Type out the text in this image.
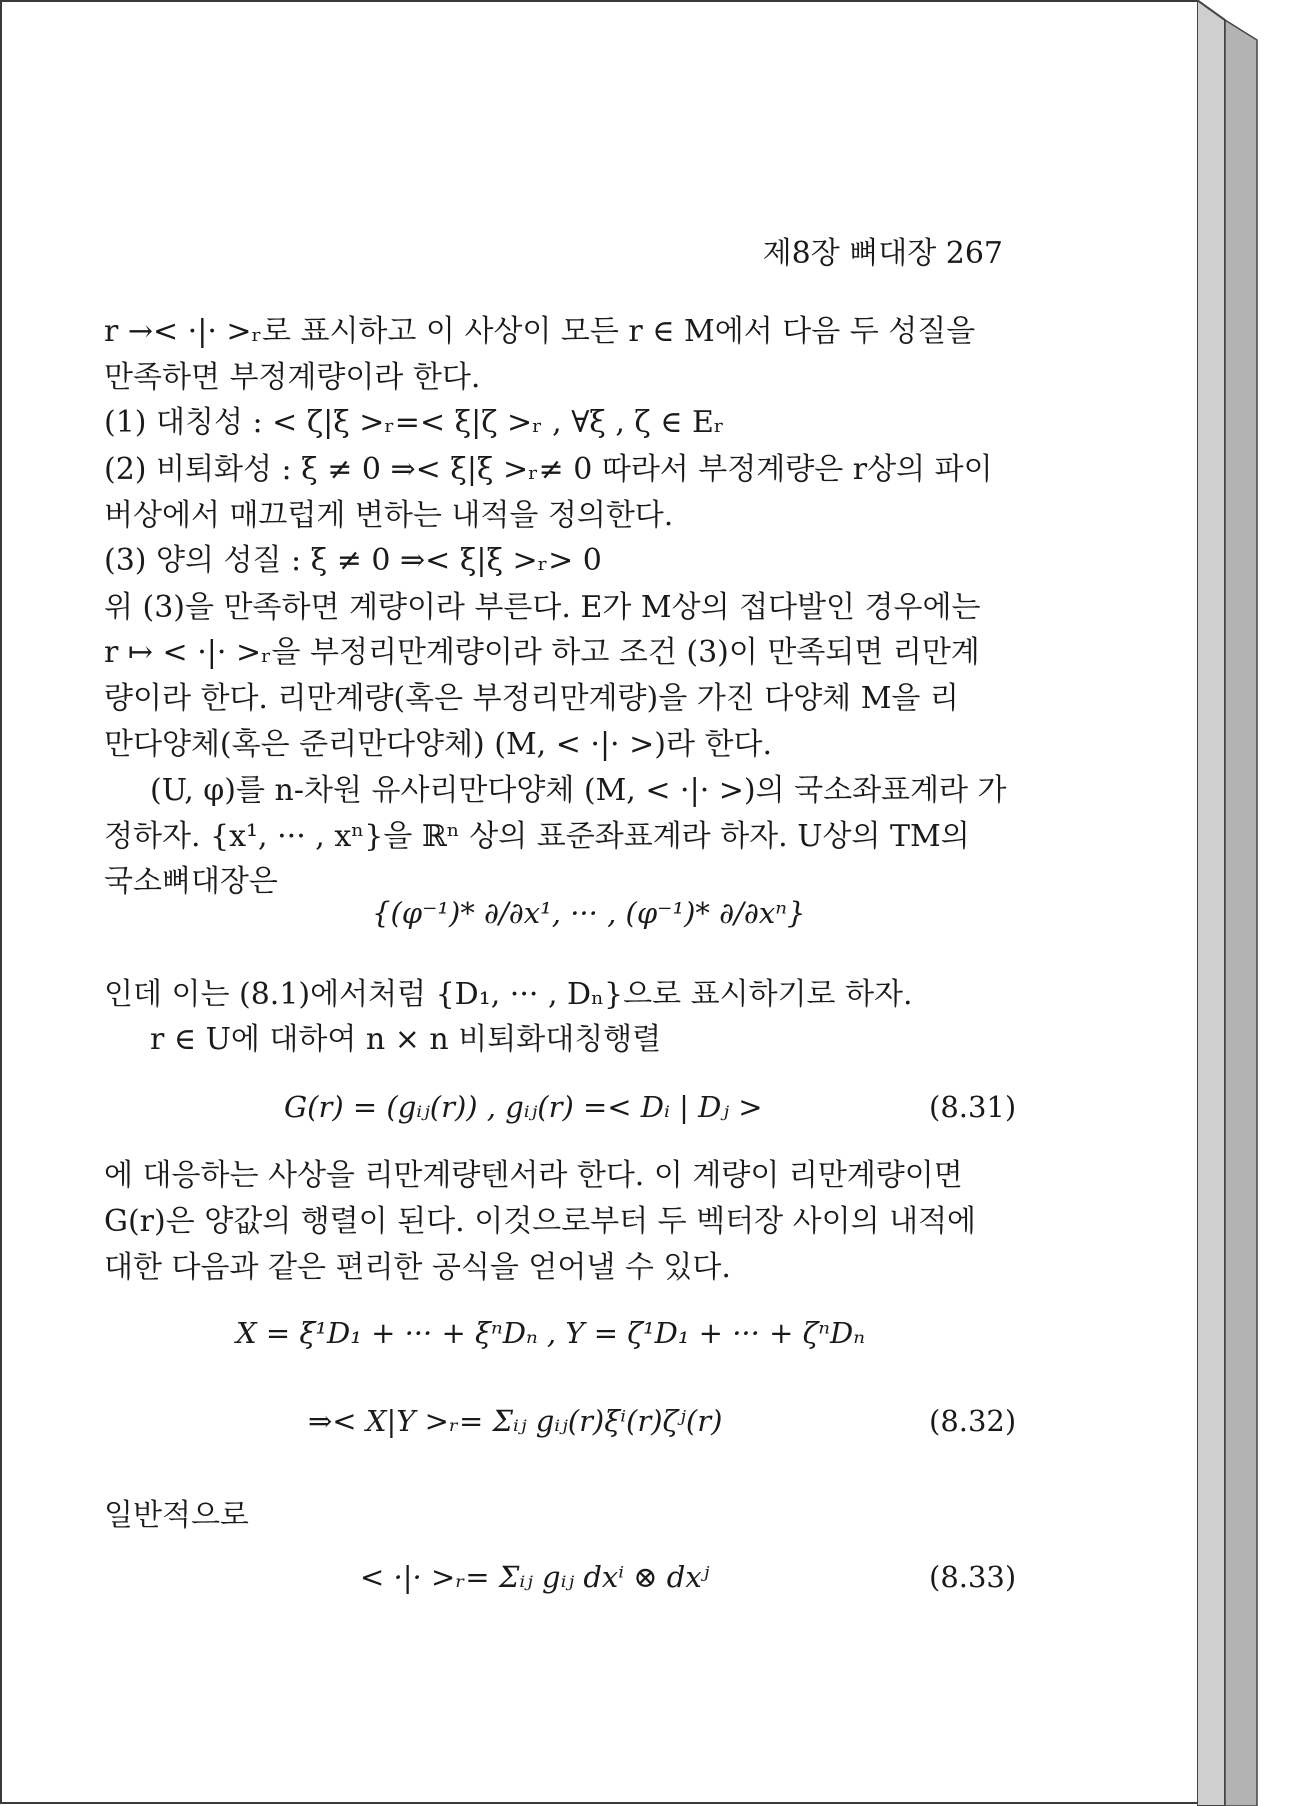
제8장 뼈대장 267
r →< ·|· >ᵣ로 표시하고 이 사상이 모든 r ∈ M에서 다음 두 성질을
만족하면 부정계량이라 한다.
(1) 대칭성 : < ζ|ξ >ᵣ=< ξ|ζ >ᵣ , ∀ξ , ζ ∈ Eᵣ
(2) 비퇴화성 : ξ ≠ 0 ⇒< ξ|ξ >ᵣ≠ 0 따라서 부정계량은 r상의 파이
버상에서 매끄럽게 변하는 내적을 정의한다.
(3) 양의 성질 : ξ ≠ 0 ⇒< ξ|ξ >ᵣ> 0
위 (3)을 만족하면 계량이라 부른다. E가 M상의 접다발인 경우에는
r ↦ < ·|· >ᵣ을 부정리만계량이라 하고 조건 (3)이 만족되면 리만계
량이라 한다. 리만계량(혹은 부정리만계량)을 가진 다양체 M을 리
만다양체(혹은 준리만다양체) (M, < ·|· >)라 한다.
(U, φ)를 n-차원 유사리만다양체 (M, < ·|· >)의 국소좌표계라 가
정하자. {x¹, ··· , xⁿ}을 ℝⁿ 상의 표준좌표계라 하자. U상의 TM의
국소뼈대장은
{(φ⁻¹)* ∂/∂x¹, ··· , (φ⁻¹)* ∂/∂xⁿ}
인데 이는 (8.1)에서처럼 {D₁, ··· , Dₙ}으로 표시하기로 하자.
r ∈ U에 대하여 n × n 비퇴화대칭행렬
G(r) = (gᵢⱼ(r)) , gᵢⱼ(r) =< Dᵢ | Dⱼ >	(8.31)
에 대응하는 사상을 리만계량텐서라 한다. 이 계량이 리만계량이면
G(r)은 양값의 행렬이 된다. 이것으로부터 두 벡터장 사이의 내적에
대한 다음과 같은 편리한 공식을 얻어낼 수 있다.
X = ξ¹D₁ + ··· + ξⁿDₙ , Y = ζ¹D₁ + ··· + ζⁿDₙ
⇒< X|Y >ᵣ= Σᵢⱼ gᵢⱼ(r)ξⁱ(r)ζʲ(r)	(8.32)
일반적으로
< ·|· >ᵣ= Σᵢⱼ gᵢⱼ dxⁱ ⊗ dxʲ	(8.33)
